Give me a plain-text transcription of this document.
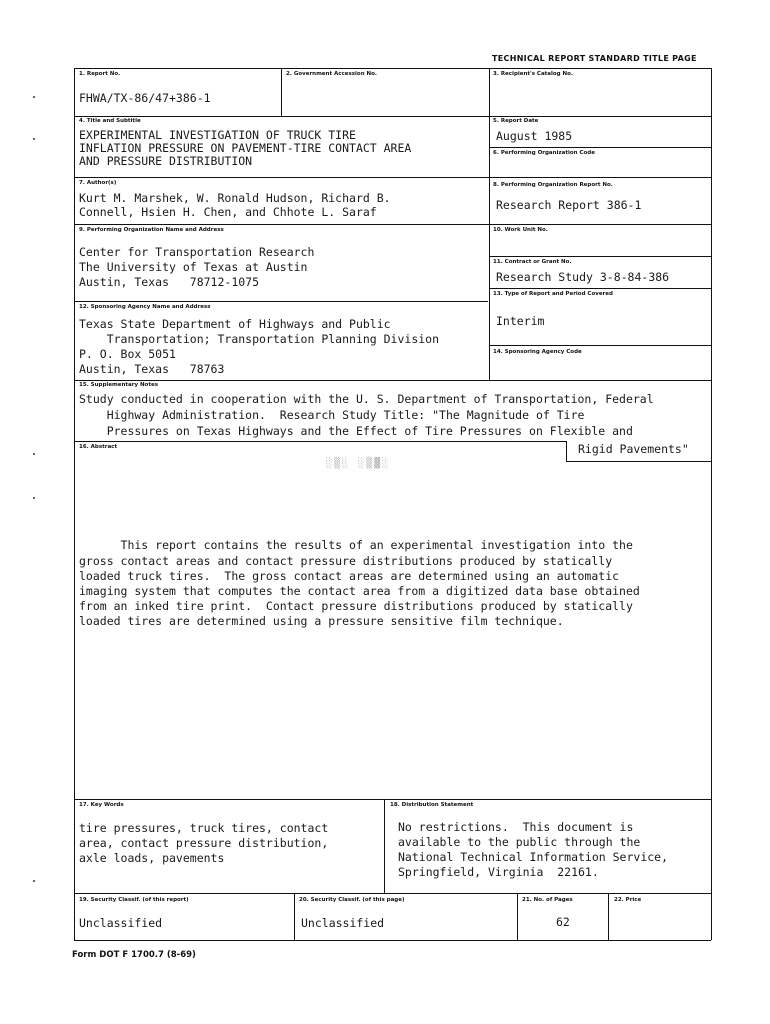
TECHNICAL REPORT STANDARD TITLE PAGE
1. Report No.
FHWA/TX-86/47+386-1
2. Government Accession No.	3. Recipient's Catalog No.
4. Title and Subtitle
EXPERIMENTAL INVESTIGATION OF TRUCK TIRE
INFLATION PRESSURE ON PAVEMENT-TIRE CONTACT AREA
AND PRESSURE DISTRIBUTION
5. Report Date
August 1985
6. Performing Organization Code
7. Author(s)
Kurt M. Marshek, W. Ronald Hudson, Richard B.
Connell, Hsien H. Chen, and Chhote L. Saraf
8. Performing Organization Report No.
Research Report 386-1
9. Performing Organization Name and Address
Center for Transportation Research
The University of Texas at Austin
Austin, Texas   78712-1075
10. Work Unit No.
11. Contract or Grant No.
Research Study 3-8-84-386
13. Type of Report and Period Covered
Interim
12. Sponsoring Agency Name and Address
Texas State Department of Highways and Public
Transportation; Transportation Planning Division
P. O. Box 5051
Austin, Texas   78763
14. Sponsoring Agency Code
15. Supplementary Notes
Study conducted in cooperation with the U. S. Department of Transportation, Federal
Highway Administration.  Research Study Title: "The Magnitude of Tire
Pressures on Texas Highways and the Effect of Tire Pressures on Flexible and
Rigid Pavements"
16. Abstract
░▒░ ░▒▓░
This report contains the results of an experimental investigation into the
gross contact areas and contact pressure distributions produced by statically
loaded truck tires.  The gross contact areas are determined using an automatic
imaging system that computes the contact area from a digitized data base obtained
from an inked tire print.  Contact pressure distributions produced by statically
loaded tires are determined using a pressure sensitive film technique.
17. Key Words
tire pressures, truck tires, contact
area, contact pressure distribution,
axle loads, pavements
18. Distribution Statement
No restrictions.  This document is
available to the public through the
National Technical Information Service,
Springfield, Virginia  22161.
19. Security Classif. (of this report)
Unclassified
20. Security Classif. (of this page)
Unclassified
21. No. of Pages
62
22. Price
Form DOT F 1700.7 (8-69)
